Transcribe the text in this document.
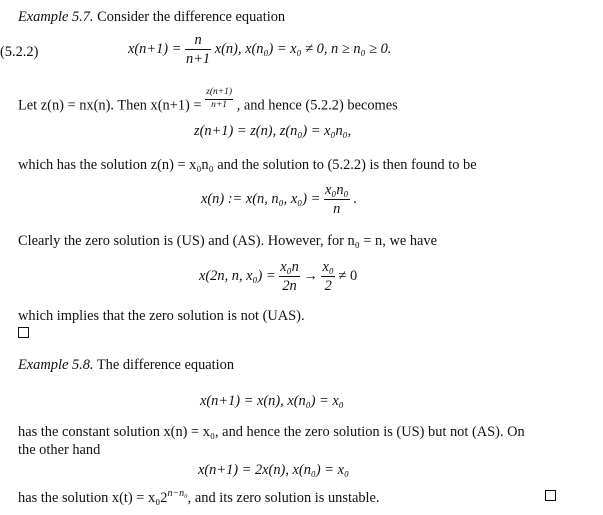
Example 5.7. Consider the difference equation
$x(n+1) = \frac{n}{n+1} x(n)$, x(n₀) = x₀ ≠ 0, n ≥ n₀ ≥ 0.
(5.2.2)
Let z(n) = nx(n). Then $x(n+1) = \frac{z(n+1)}{n+1}$ , and hence (5.2.2) becomes
z(n+1) = z(n), z(n₀) = x₀n₀,
which has the solution z(n) = x₀n₀ and the solution to (5.2.2) is then found to be
x(n) := x(n, n₀, $x_0) = \frac{\text{x₀n₀}}{n}$ .
Clearly the zero solution is (US) and (AS). However, for n₀ = n, we have
x(2n, n, $x_0) = \frac{\text{x₀n}}{2n} \to \frac{\text{x₀}}{2} \ne 0$
which implies that the zero solution is not (UAS).
Example 5.8. The difference equation
x(n+1) = x(n), x(n₀) = x₀
has the constant solution x(n) = x₀, and hence the zero solution is (US) but not (AS). On
the other hand
x(n+1) = 2x(n), x(n₀) = x₀
has the solution $x(t) = x_02^{n-n_0}$, and its zero solution is unstable.
